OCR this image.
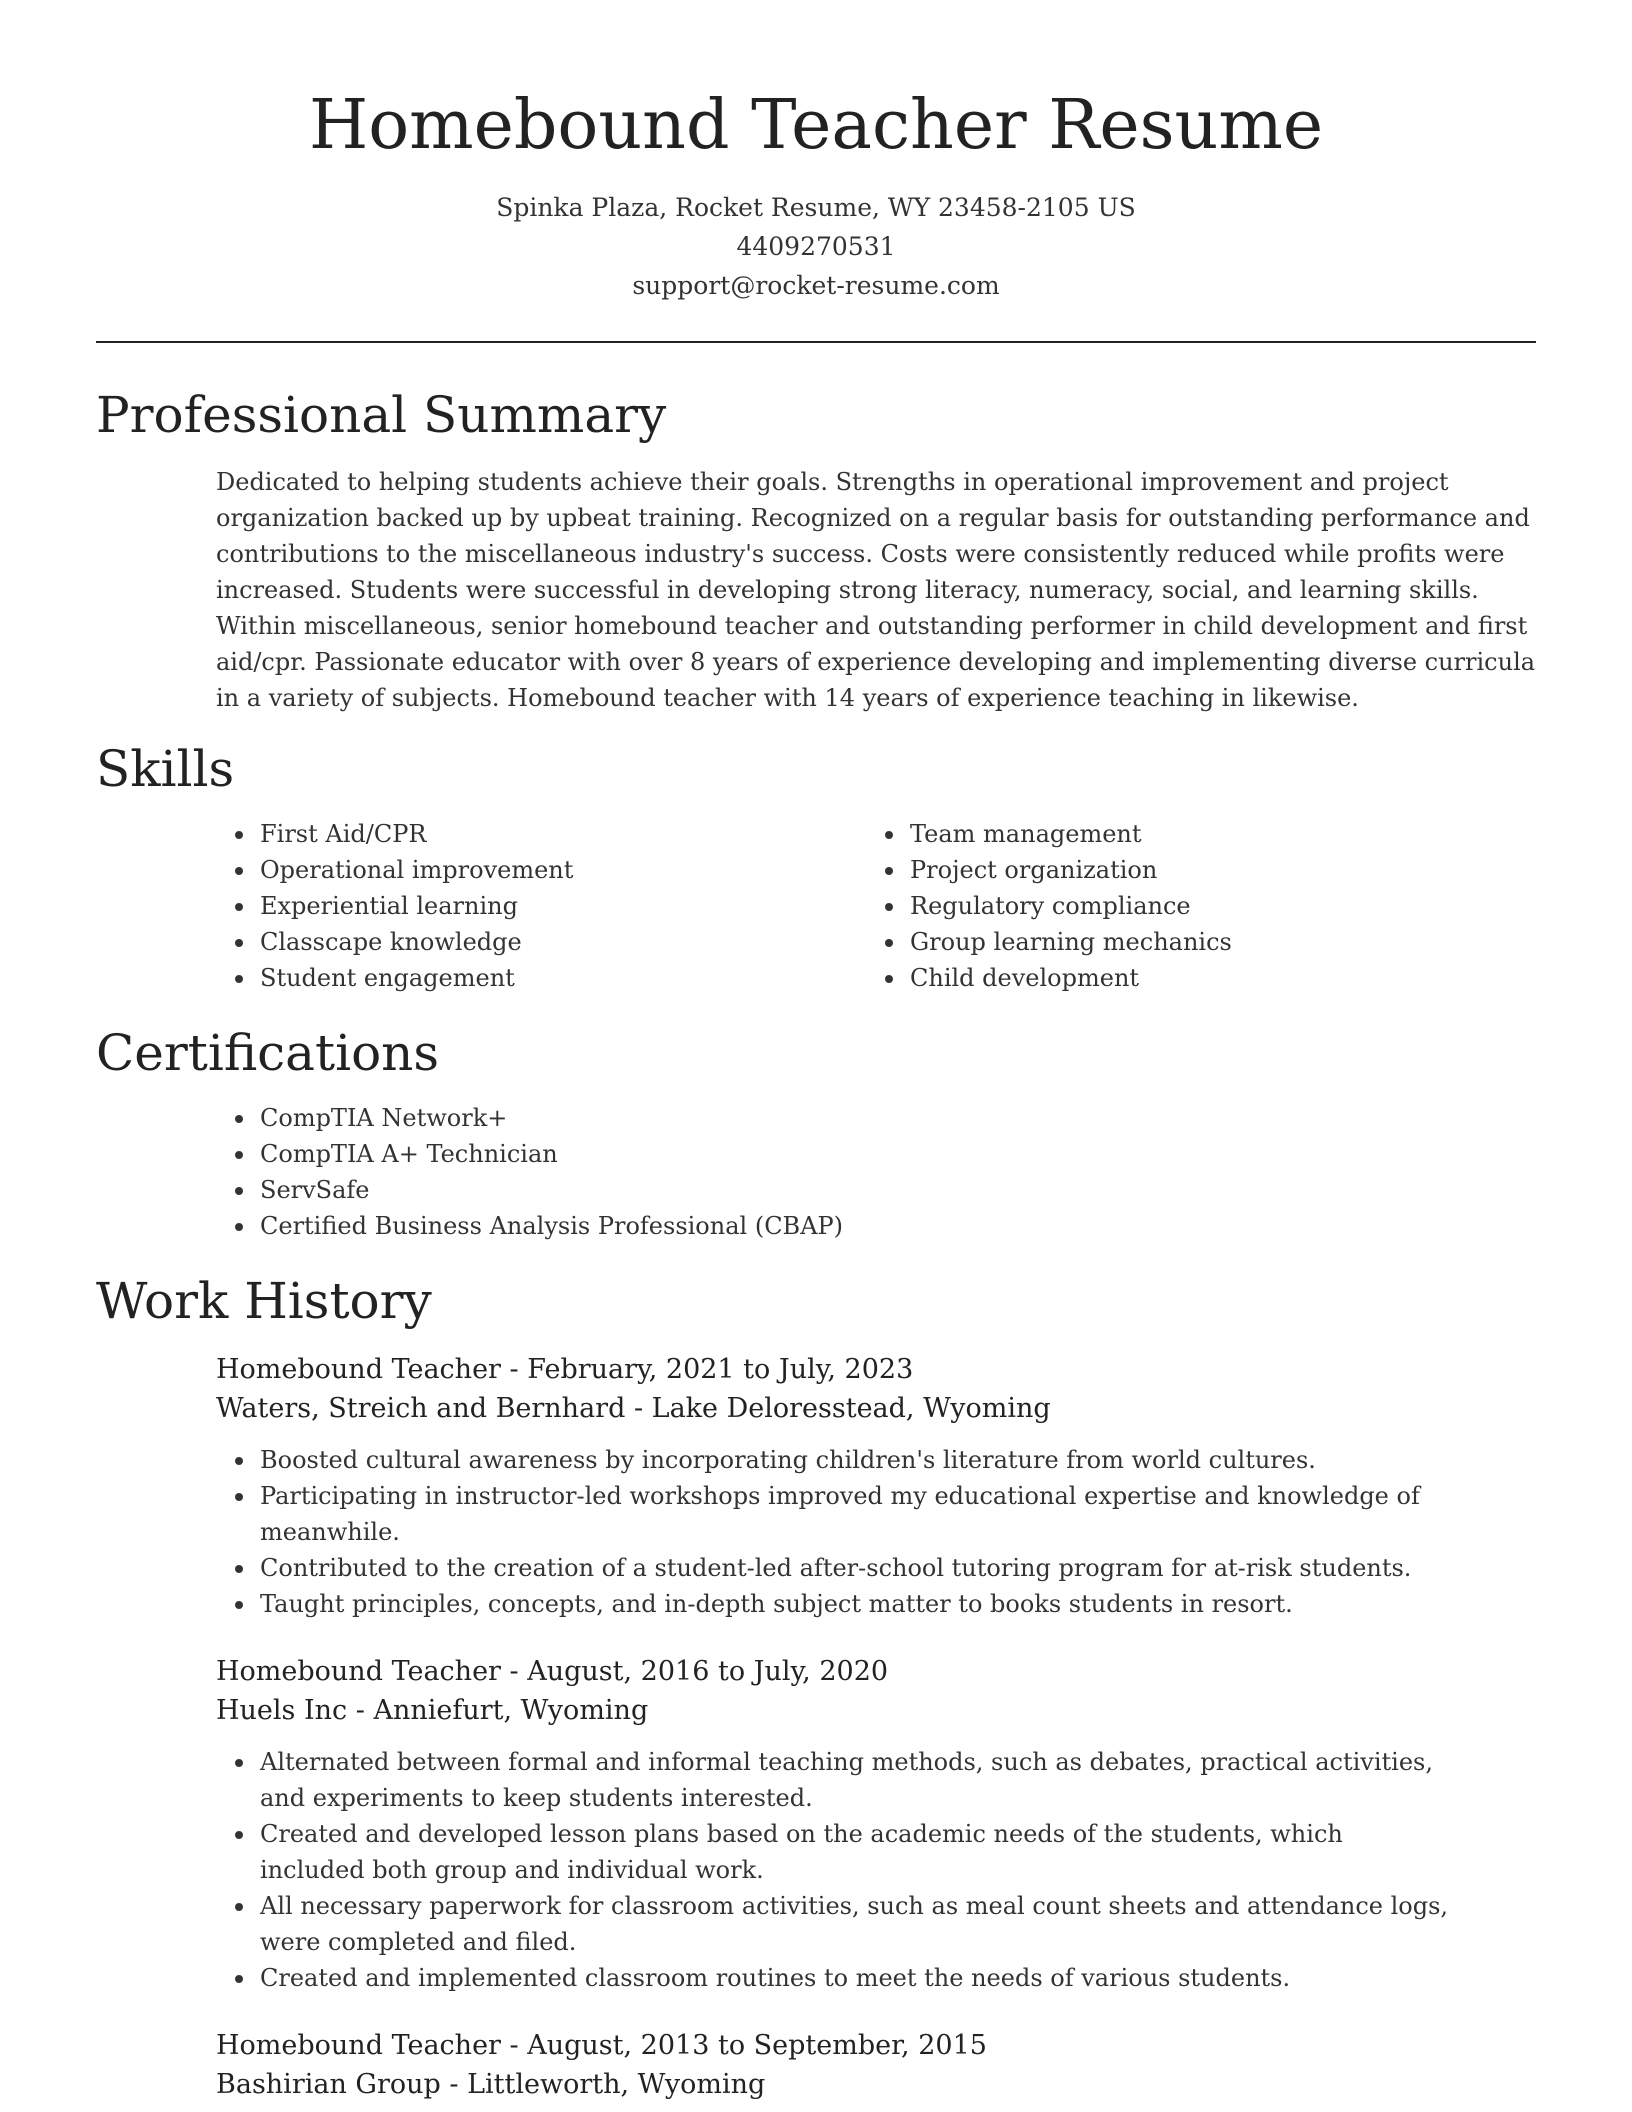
Homebound Teacher Resume
Spinka Plaza, Rocket Resume, WY 23458-2105 US
4409270531
support@rocket-resume.com
Professional Summary

Dedicated to helping students achieve their goals. Strengths in operational improvement and project organization backed up by upbeat training. Recognized on a regular basis for outstanding performance and contributions to the miscellaneous industry's success. Costs were consistently reduced while profits were increased. Students were successful in developing strong literacy, numeracy, social, and learning skills. Within miscellaneous, senior homebound teacher and outstanding performer in child development and first aid/cpr. Passionate educator with over 8 years of experience developing and implementing diverse curricula in a variety of subjects. Homebound teacher with 14 years of experience teaching in likewise.

Skills
First Aid/CPR
Operational improvement
Experiential learning
Classcape knowledge
Student engagement
Team management
Project organization
Regulatory compliance
Group learning mechanics
Child development
Certifications
CompTIA Network+
CompTIA A+ Technician
ServSafe
Certified Business Analysis Professional (CBAP)
Work History
Homebound Teacher - February, 2021 to July, 2023
Waters, Streich and Bernhard - Lake Deloresstead, Wyoming
Boosted cultural awareness by incorporating children's literature from world cultures.
Participating in instructor-led workshops improved my educational expertise and knowledge of meanwhile.
Contributed to the creation of a student-led after-school tutoring program for at-risk students.
Taught principles, concepts, and in-depth subject matter to books students in resort.
Homebound Teacher - August, 2016 to July, 2020
Huels Inc - Anniefurt, Wyoming
Alternated between formal and informal teaching methods, such as debates, practical activities, and experiments to keep students interested.
Created and developed lesson plans based on the academic needs of the students, which included both group and individual work.
All necessary paperwork for classroom activities, such as meal count sheets and attendance logs, were completed and filed.
Created and implemented classroom routines to meet the needs of various students.
Homebound Teacher - August, 2013 to September, 2015
Bashirian Group - Littleworth, Wyoming
